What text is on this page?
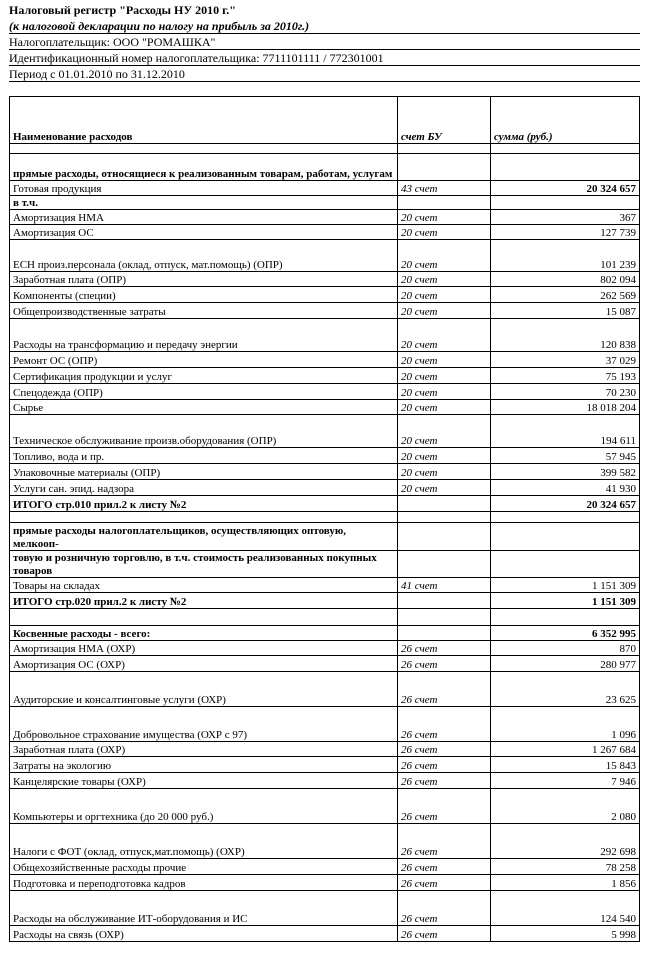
Налоговый регистр "Расходы НУ 2010 г."
(к налоговой декларации по налогу на прибыль за 2010г.)
Налогоплательщик: ООО "РОМАШКА"
Идентификационный номер налогоплательщика: 7711101111 / 772301001
Период с 01.01.2010 по 31.12.2010
Наименование расходов	счет БУ	сумма (руб.)

прямые расходы, относящиеся к реализованным товарам, работам, услугам		
Готовая продукция	43 счет	20 324 657
в т.ч.		
Амортизация НМА	20 счет	367
Амортизация ОС	20 счет	127 739
ЕСН произ.персонала (оклад, отпуск, мат.помощь) (ОПР)	20 счет	101 239
Заработная плата (ОПР)	20 счет	802 094
Компоненты (специи)	20 счет	262 569
Общепроизводственные затраты	20 счет	15 087
Расходы на трансформацию и передачу энергии	20 счет	120 838
Ремонт ОС (ОПР)	20 счет	37 029
Сертификация продукции и услуг	20 счет	75 193
Спецодежда (ОПР)	20 счет	70 230
Сырье	20 счет	18 018 204
Техническое обслуживание произв.оборудования (ОПР)	20 счет	194 611
Топливо, вода и пр.	20 счет	57 945
Упаковочные материалы (ОПР)	20 счет	399 582
Услуги сан. эпид. надзора	20 счет	41 930
ИТОГО стр.010 прил.2 к листу №2		20 324 657

прямые расходы налогоплательщиков, осуществляющих оптовую, мелкооп-		
товую и розничную торговлю, в т.ч. стоимость реализованных покупных товаров		
Товары на складах	41 счет	1 151 309
ИТОГО стр.020 прил.2 к листу №2		1 151 309

Косвенные расходы - всего:		6 352 995
Амортизация НМА (ОХР)	26 счет	870
Амортизация ОС (ОХР)	26 счет	280 977
Аудиторские и консалтинговые услуги (ОХР)	26 счет	23 625
Добровольное страхование имущества (ОХР с 97)	26 счет	1 096
Заработная плата (ОХР)	26 счет	1 267 684
Затраты на экологию	26 счет	15 843
Канцелярские товары (ОХР)	26 счет	7 946
Компьютеры и оргтехника (до 20 000 руб.)	26 счет	2 080
Налоги с ФОТ (оклад, отпуск,мат.помощь) (ОХР)	26 счет	292 698
Общехозяйственные расходы прочие	26 счет	78 258
Подготовка и переподготовка кадров	26 счет	1 856
Расходы на обслуживание ИТ-оборудования и ИС	26 счет	124 540
Расходы на связь (ОХР)	26 счет	5 998
